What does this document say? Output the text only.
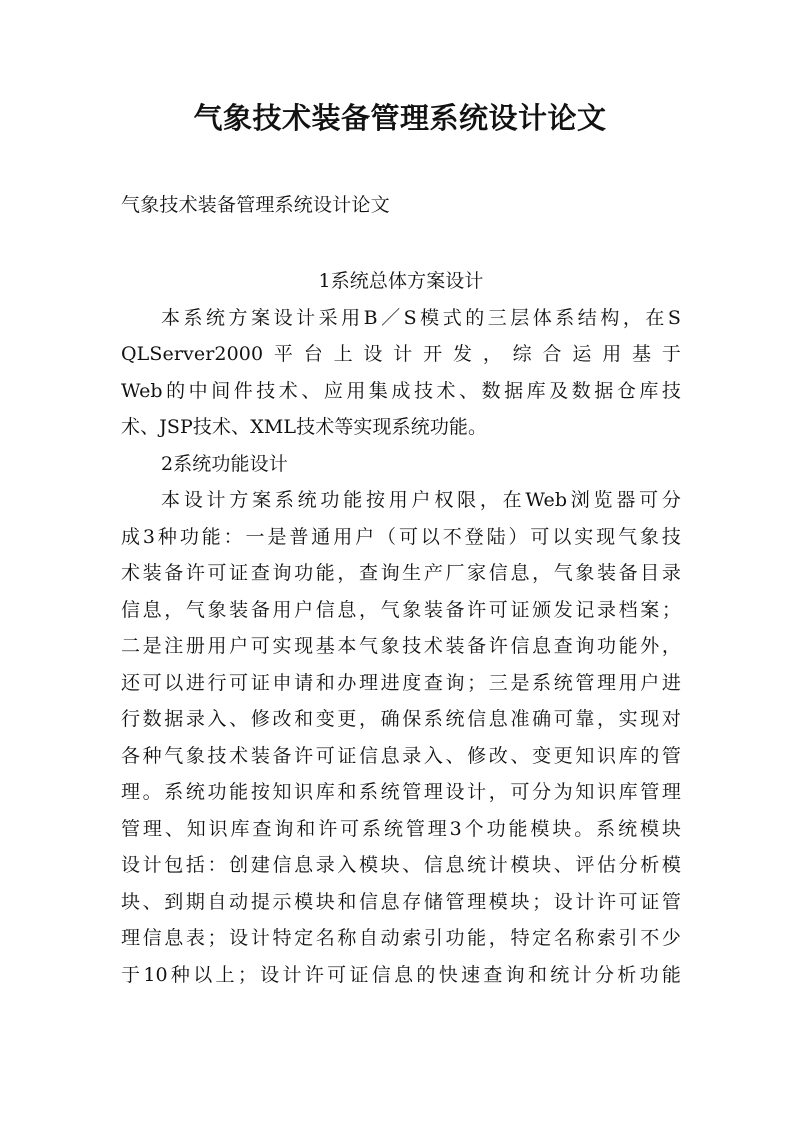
气象技术装备管理系统设计论文
气象技术装备管理系统设计论文
1系统总体方案设计
本系统方案设计采用B／S模式的三层体系结构，在S
QLServer2000平台上设计开发，综合运用基于
Web的中间件技术、应用集成技术、数据库及数据仓库技
术、JSP技术、XML技术等实现系统功能。
2系统功能设计
本设计方案系统功能按用户权限，在Web浏览器可分
成3种功能：一是普通用户（可以不登陆）可以实现气象技
术装备许可证查询功能，查询生产厂家信息，气象装备目录
信息，气象装备用户信息，气象装备许可证颁发记录档案；
二是注册用户可实现基本气象技术装备许信息查询功能外，
还可以进行可证申请和办理进度查询；三是系统管理用户进
行数据录入、修改和变更，确保系统信息准确可靠，实现对
各种气象技术装备许可证信息录入、修改、变更知识库的管
理。系统功能按知识库和系统管理设计，可分为知识库管理
管理、知识库查询和许可系统管理3个功能模块。系统模块
设计包括：创建信息录入模块、信息统计模块、评估分析模
块、到期自动提示模块和信息存储管理模块；设计许可证管
理信息表；设计特定名称自动索引功能，特定名称索引不少
于10种以上；设计许可证信息的快速查询和统计分析功能
